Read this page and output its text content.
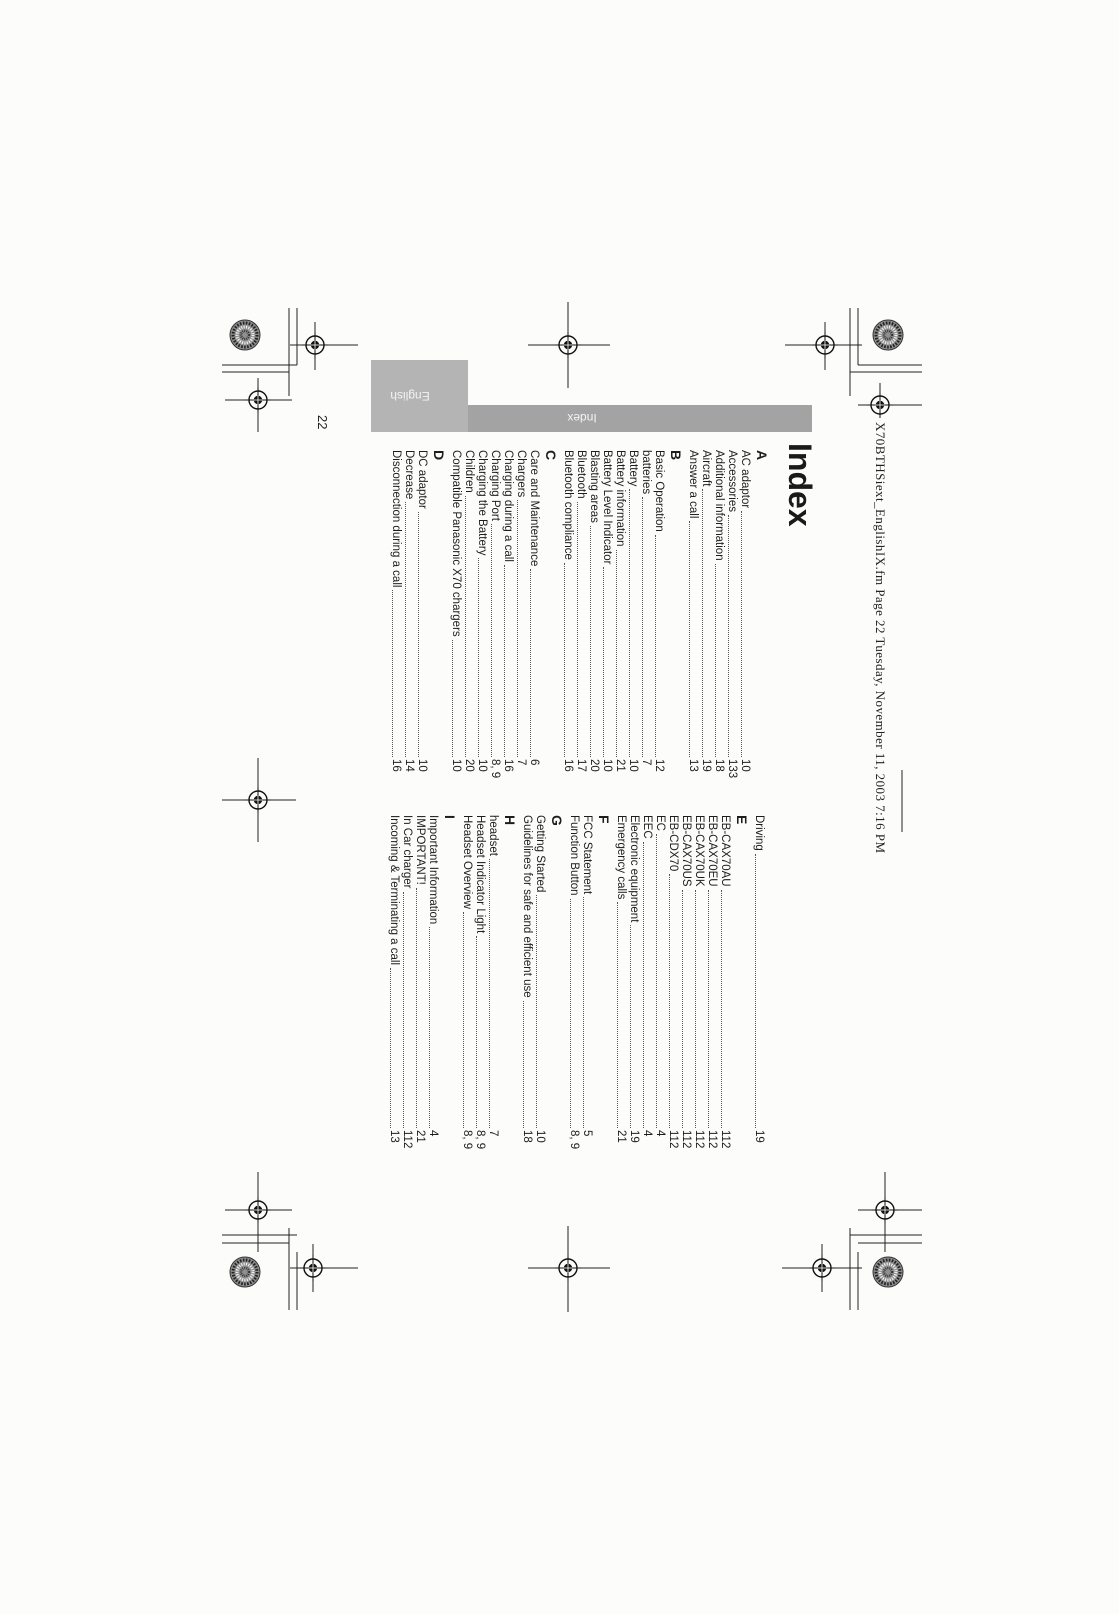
English
Index
X70BTHSiext_EnglishIX.fm Page 22 Tuesday, November 11, 2003 7:16 PM
Index
22
A
AC adaptor
10
Accessories
133
Additional information
18
Aircraft
19
Answer a call
13
B
Basic Operation
12
batteries
7
Battery
10
Battery information
21
Battery Level Indicator
10
Blasting areas
20
Bluetooth
17
Bluetooth compliance
16
C
Care and Maintenance
6
Chargers
7
Charging during a call
16
Charging Port
8, 9
Charging the Battery
10
Children
20
Compatible Panasonic X70 chargers
10
D
DC adaptor
10
Decrease
14
Disconnection during a call
16
Driving
19
E
EB-CAX70AU
112
EB-CAX70EU
112
EB-CAX70UK
112
EB-CAX70US
112
EB-CDX70
112
EC
4
EEC
4
Electronic equipment
19
Emergency calls
21
F
FCC Statement
5
Function Button
8, 9
G
Getting Started
10
Guidelines for safe and efficient use
18
H
headset
7
Headset Indicator Light
8, 9
Headset Overview
8, 9
I
Important Information
4
IMPORTANT!
21
In Car charger
112
Incoming & Terminating a call
13
